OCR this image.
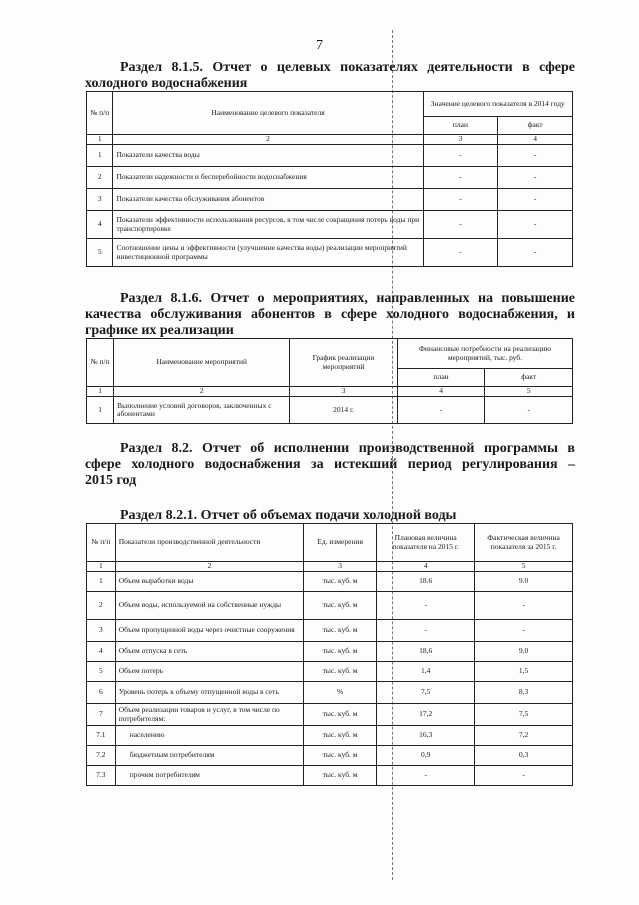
7
Раздел 8.1.5. Отчет о целевых показателях деятельности в сфере
холодного водоснабжения
№ п/п	Наименование целевого показателя	Значение целевого показателя в 2014 году	
		план	факт
1	2	3	4
1	Показатели качества воды	-	-
2	Показатели надежности и бесперебойности водоснабжения	-	-
3	Показатели качества обслуживания абонентов	-	-
4	Показатели эффективности использования ресурсов, в том числе сокращения потерь воды при транспортировке	-	-
5	Соотношение цены и эффективности (улучшение качества воды) реализации мероприятий инвестиционной программы	-	-
Раздел 8.1.6. Отчет о мероприятиях, направленных на повышение
качества обслуживания абонентов в сфере холодного водоснабжения, и
графике их реализации
№ п/п	Наименование мероприятий	График реализации мероприятий	Финансовые потребности на реализацию мероприятий, тыс. руб.	
			план	факт
1	2	3	4	5
1	Выполнение условий договоров, заключенных с абонентами	2014 г.	-	-
Раздел 8.2. Отчет об исполнении производственной программы в
сфере холодного водоснабжения за истекший период регулирования –
2015 год
Раздел 8.2.1. Отчет об объемах подачи холодной воды
№ п/п	Показатели производственной деятельности	Ед. измерения	Плановая величина показателя на 2015 г.	Фактическая величина показателя за 2015 г.
1	2	3	4	5
1	Объем выработки воды	тыс. куб. м	18.6	9.0
2	Объем воды, используемой на собственные нужды	тыс. куб. м	-	-
3	Объем пропущенной воды через очистные сооружения	тыс. куб. м	-	-
4	Объем отпуска в сеть	тыс. куб. м	18,6	9,0
5	Объем потерь	тыс. куб. м	1,4	1,5
6	Уровень потерь к объему отпущенной воды в сеть	%	7,5	8,3
7	Объем реализации товаров и услуг, в том числе по потребителям:	тыс. куб. м	17,2	7,5
7.1	населению	тыс. куб. м	16,3	7,2
7.2	бюджетным потребителям	тыс. куб. м	0,9	0,3
7.3	прочим потребителям	тыс. куб. м	-	-
